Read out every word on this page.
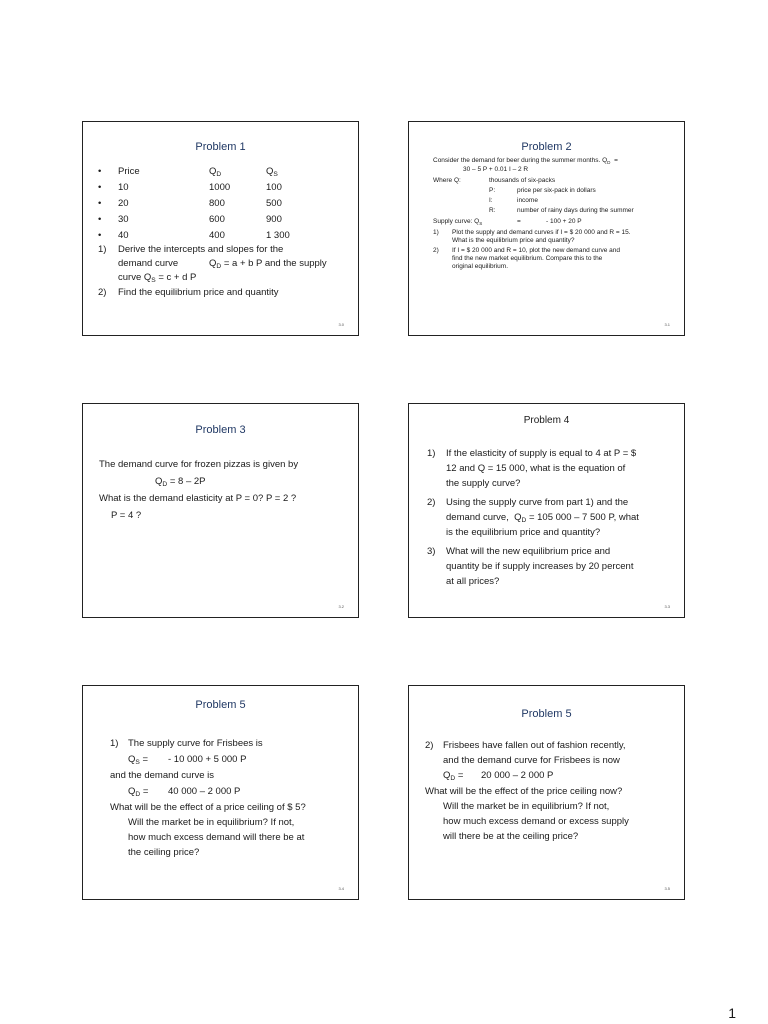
Problem 1
• Price	$Q_D$	$Q_S$
• 10	1000	100
• 20	800	500
• 30	600	900
• 40	400	1 300
1) Derive the intercepts and slopes for the
demand curve	$Q_D = a + b$ P and the supply
curve $Q_S = c + d$ P
2) Find the equilibrium price and quantity
3.0
Problem 2
Consider the demand for beer during the summer months. $Q_D$ =
30 – 5 P + 0.01 I – 2 R
Where Q:	thousands of six-packs
P:	price per six-pack in dollars
I:	income
R:	number of rainy days during the summer
Supply curve: $Q_S$	=	- 100 + 20 P
1) Plot the supply and demand curves if I = $ 20 000 and R = 15.
What is the equilibrium price and quantity?
2) If I = $ 20 000 and R = 10, plot the new demand curve and
find the new market equilibrium. Compare this to the
original equilibrium.
3.1
Problem 3
The demand curve for frozen pizzas is given by
$Q_D = 8 - 2P$
What is the demand elasticity at P = 0? P = 2 ?
P = 4 ?
3.2
Problem 4
1) If the elasticity of supply is equal to 4 at P = $
12 and Q = 15 000, what is the equation of
the supply curve?
2) Using the supply curve from part 1) and the
demand curve, $Q_D = 105$ 000 – 7 500 P, what
is the equilibrium price and quantity?
3) What will the new equilibrium price and
quantity be if supply increases by 20 percent
at all prices?
3.3
Problem 5
1) The supply curve for Frisbees is
$Q_S$ = - 10 000 + 5 000 P
and the demand curve is
$Q_D = 40$ 000 – 2 000 P
What will be the effect of a price ceiling of $ 5?
Will the market be in equilibrium? If not,
how much excess demand will there be at
the ceiling price?
3.4
Problem 5
2) Frisbees have fallen out of fashion recently,
and the demand curve for Frisbees is now
$Q_D = 20$ 000 – 2 000 P
What will be the effect of the price ceiling now?
Will the market be in equilibrium? If not,
how much excess demand or excess supply
will there be at the ceiling price?
3.5
1
